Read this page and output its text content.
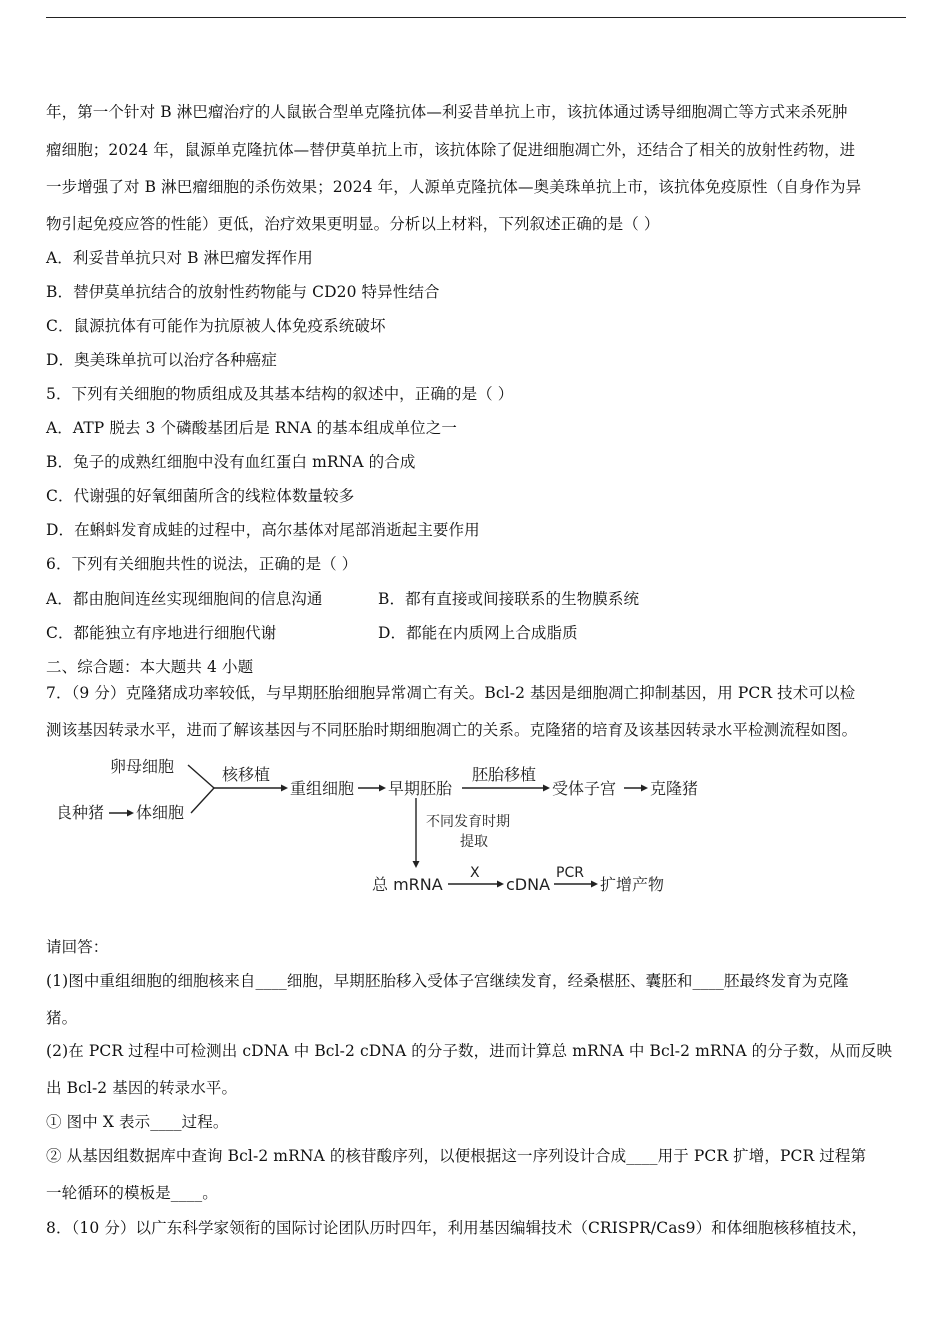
年，第一个针对 B 淋巴瘤治疗的人鼠嵌合型单克隆抗体—利妥昔单抗上市，该抗体通过诱导细胞凋亡等方式来杀死肿
瘤细胞；2024 年，鼠源单克隆抗体—替伊莫单抗上市，该抗体除了促进细胞凋亡外，还结合了相关的放射性药物，进
一步增强了对 B 淋巴瘤细胞的杀伤效果；2024 年，人源单克隆抗体—奥美珠单抗上市，该抗体免疫原性（自身作为异
物引起免疫应答的性能）更低，治疗效果更明显。分析以上材料，下列叙述正确的是（ ）
A．利妥昔单抗只对 B 淋巴瘤发挥作用
B．替伊莫单抗结合的放射性药物能与 CD20 特异性结合
C．鼠源抗体有可能作为抗原被人体免疫系统破坏
D．奥美珠单抗可以治疗各种癌症
5．下列有关细胞的物质组成及其基本结构的叙述中，正确的是（ ）
A．ATP 脱去 3 个磷酸基团后是 RNA 的基本组成单位之一
B．兔子的成熟红细胞中没有血红蛋白 mRNA 的合成
C．代谢强的好氧细菌所含的线粒体数量较多
D．在蝌蚪发育成蛙的过程中，高尔基体对尾部消逝起主要作用
6．下列有关细胞共性的说法，正确的是（ ）
A．都由胞间连丝实现细胞间的信息沟通	B．都有直接或间接联系的生物膜系统
C．都能独立有序地进行细胞代谢	D．都能在内质网上合成脂质
二、综合题：本大题共 4 小题
7．（9 分）克隆猪成功率较低，与早期胚胎细胞异常凋亡有关。Bcl-2 基因是细胞凋亡抑制基因，用 PCR 技术可以检
测该基因转录水平，进而了解该基因与不同胚胎时期细胞凋亡的关系。克隆猪的培育及该基因转录水平检测流程如图。
卵母细胞
良种猪 体细胞
核移植
重组细胞 早期胚胎
胚胎移植
受体子宫 克隆猪
不同发育时期
提取
总 mRNA
X
cDNA
PCR
扩增产物
请回答：
(1)图中重组细胞的细胞核来自____细胞，早期胚胎移入受体子宫继续发育，经桑椹胚、囊胚和____胚最终发育为克隆
猪。
(2)在 PCR 过程中可检测出 cDNA 中 Bcl-2 cDNA 的分子数，进而计算总 mRNA 中 Bcl-2 mRNA 的分子数，从而反映
出 Bcl-2 基因的转录水平。
① 图中 X 表示____过程。
② 从基因组数据库中查询 Bcl-2 mRNA 的核苷酸序列，以便根据这一序列设计合成____用于 PCR 扩增，PCR 过程第
一轮循环的模板是____。
8．（10 分）以广东科学家领衔的国际讨论团队历时四年，利用基因编辑技术（CRISPR/Cas9）和体细胞核移植技术，
